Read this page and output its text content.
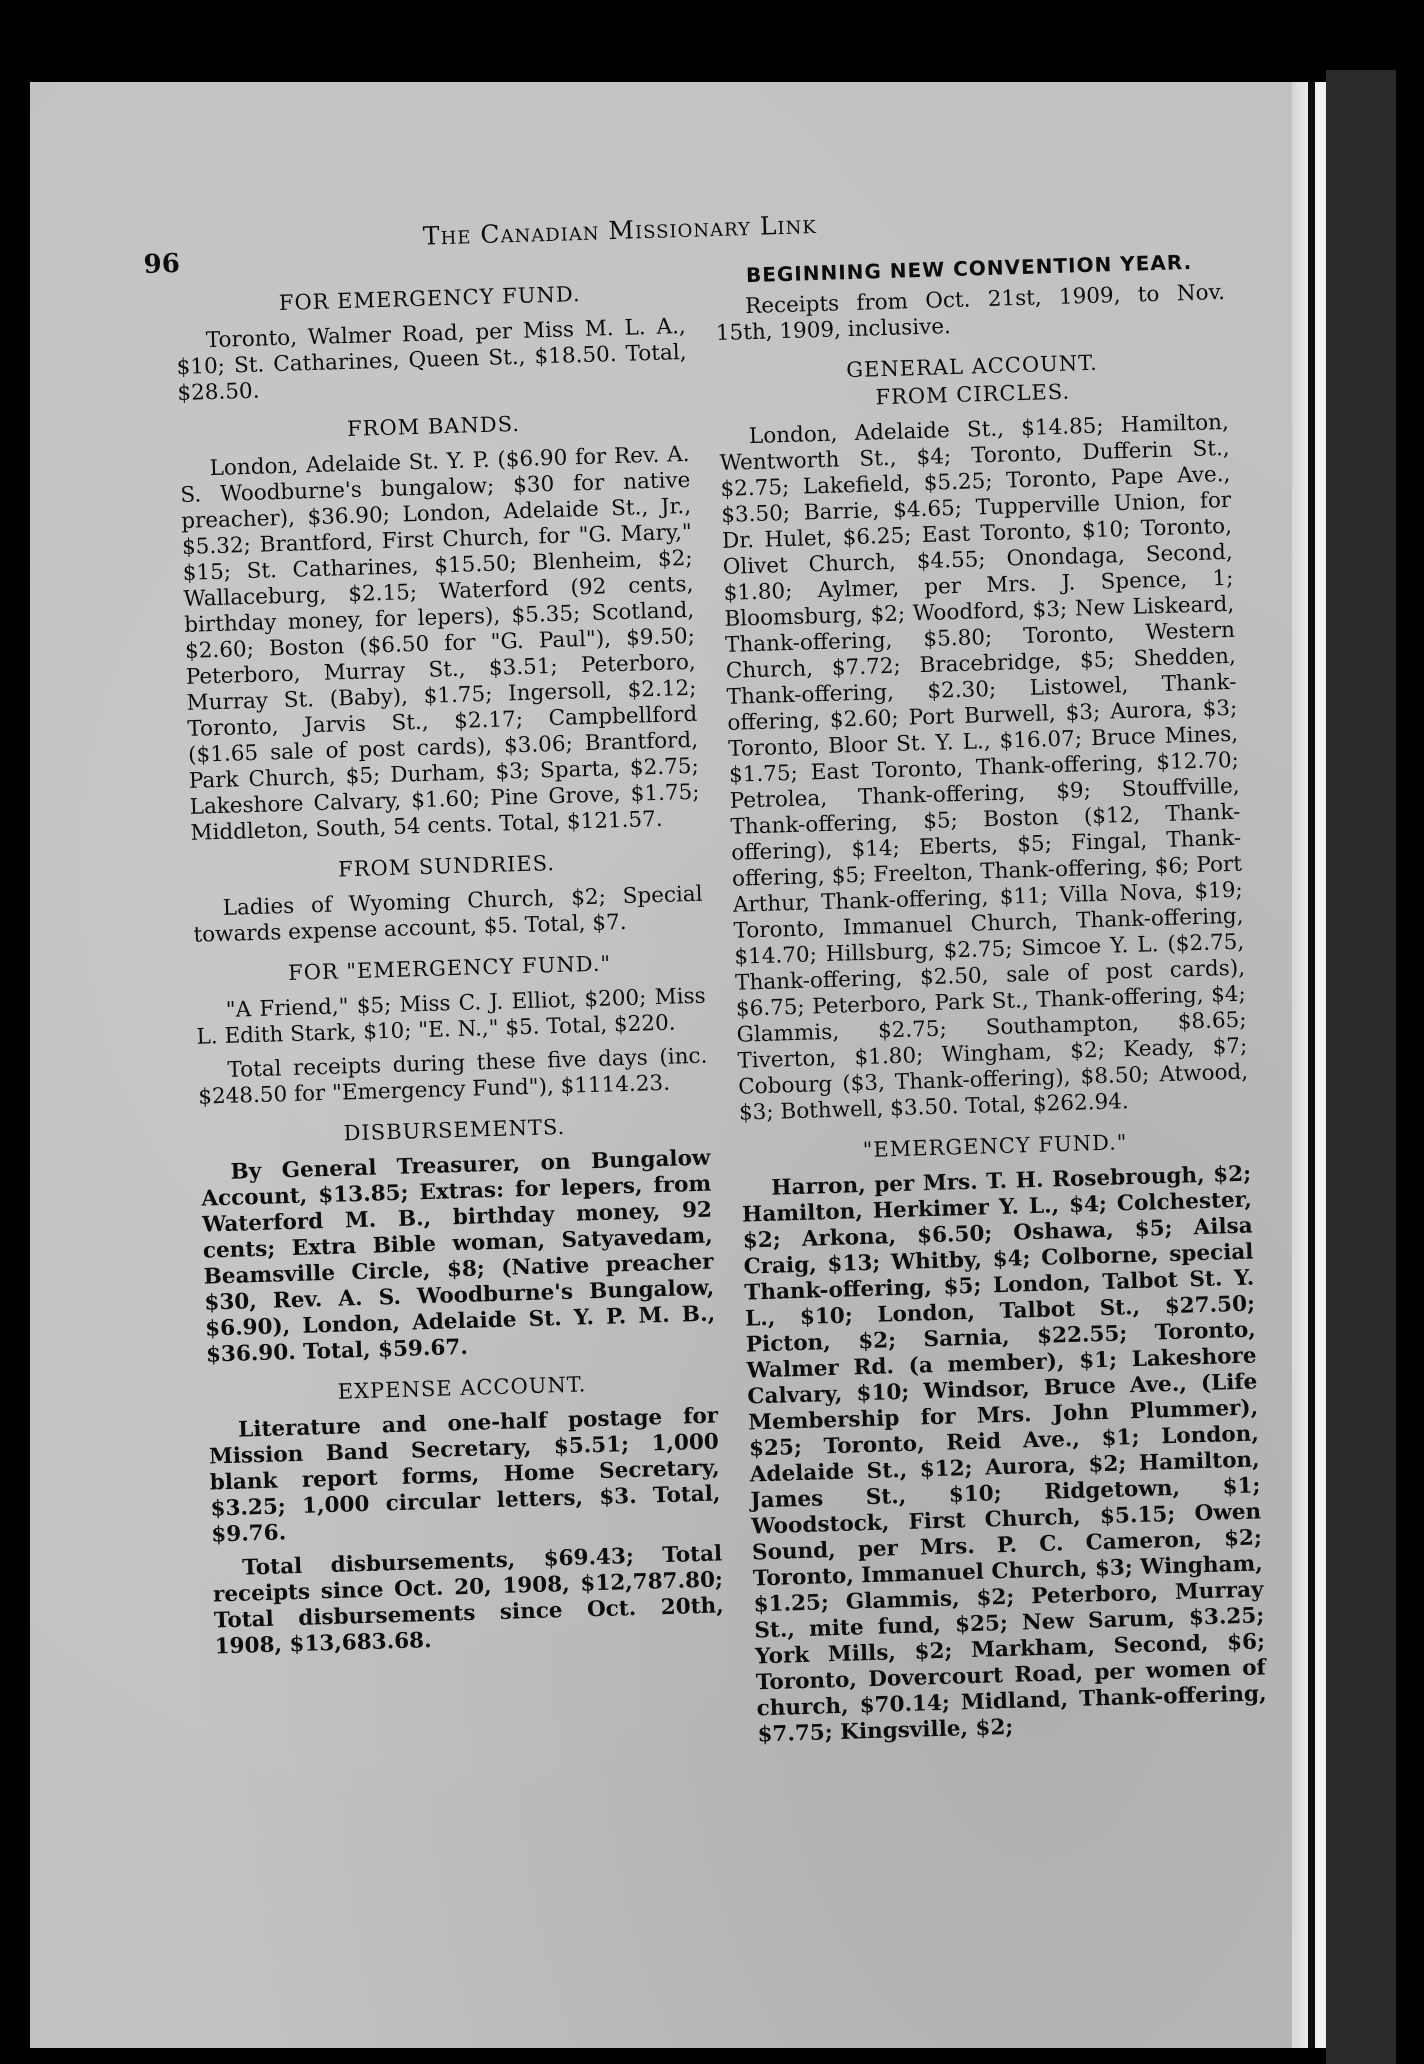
96
The Canadian Missionary Link
FOR EMERGENCY FUND.

Toronto, Walmer Road, per Miss M. L. A., $10; St. Catharines, Queen St., $18.50. Total, $28.50.

FROM BANDS.

London, Adelaide St. Y. P. ($6.90 for Rev. A. S. Woodburne's bungalow; $30 for native preacher), $36.90; London, Adelaide St., Jr., $5.32; Brantford, First Church, for "G. Mary," $15; St. Catharines, $15.50; Blenheim, $2; Wallaceburg, $2.15; Waterford (92 cents, birthday money, for lepers), $5.35; Scotland, $2.60; Boston ($6.50 for "G. Paul"), $9.50; Peterboro, Murray St., $3.51; Peterboro, Murray St. (Baby), $1.75; Ingersoll, $2.12; Toronto, Jarvis St., $2.17; Campbellford ($1.65 sale of post cards), $3.06; Brantford, Park Church, $5; Durham, $3; Sparta, $2.75; Lakeshore Calvary, $1.60; Pine Grove, $1.75; Middleton, South, 54 cents. Total, $121.57.

FROM SUNDRIES.

Ladies of Wyoming Church, $2; Special towards expense account, $5. Total, $7.

FOR "EMERGENCY FUND."

"A Friend," $5; Miss C. J. Elliot, $200; Miss L. Edith Stark, $10; "E. N.," $5. Total, $220.

Total receipts during these five days (inc. $248.50 for "Emergency Fund"), $1114.23.

DISBURSEMENTS.

By General Treasurer, on Bungalow Account, $13.85; Extras: for lepers, from Waterford M. B., birthday money, 92 cents; Extra Bible woman, Satyavedam, Beamsville Circle, $8; (Native preacher $30, Rev. A. S. Woodburne's Bungalow, $6.90), London, Adelaide St. Y. P. M. B., $36.90. Total, $59.67.

EXPENSE ACCOUNT.

Literature and one-half postage for Mission Band Secretary, $5.51; 1,000 blank report forms, Home Secretary, $3.25; 1,000 circular letters, $3. Total, $9.76.

Total disbursements, $69.43; Total receipts since Oct. 20, 1908, $12,787.80; Total disbursements since Oct. 20th, 1908, $13,683.68.

BEGINNING NEW CONVENTION YEAR.

Receipts from Oct. 21st, 1909, to Nov. 15th, 1909, inclusive.

GENERAL ACCOUNT.
FROM CIRCLES.

London, Adelaide St., $14.85; Hamilton, Wentworth St., $4; Toronto, Dufferin St., $2.75; Lakefield, $5.25; Toronto, Pape Ave., $3.50; Barrie, $4.65; Tupperville Union, for Dr. Hulet, $6.25; East Toronto, $10; Toronto, Olivet Church, $4.55; Onondaga, Second, $1.80; Aylmer, per Mrs. J. Spence, 1; Bloomsburg, $2; Woodford, $3; New Liskeard, Thank-offering, $5.80; Toronto, Western Church, $7.72; Bracebridge, $5; Shedden, Thank-offering, $2.30; Listowel, Thank-offering, $2.60; Port Burwell, $3; Aurora, $3; Toronto, Bloor St. Y. L., $16.07; Bruce Mines, $1.75; East Toronto, Thank-offering, $12.70; Petrolea, Thank-offering, $9; Stouffville, Thank-offering, $5; Boston ($12, Thank-offering), $14; Eberts, $5; Fingal, Thank-offering, $5; Freelton, Thank-offering, $6; Port Arthur, Thank-offering, $11; Villa Nova, $19; Toronto, Immanuel Church, Thank-offering, $14.70; Hillsburg, $2.75; Simcoe Y. L. ($2.75, Thank-offering, $2.50, sale of post cards), $6.75; Peterboro, Park St., Thank-offering, $4; Glammis, $2.75; Southampton, $8.65; Tiverton, $1.80; Wingham, $2; Keady, $7; Cobourg ($3, Thank-offering), $8.50; Atwood, $3; Bothwell, $3.50. Total, $262.94.

"EMERGENCY FUND."

Harron, per Mrs. T. H. Rosebrough, $2; Hamilton, Herkimer Y. L., $4; Colchester, $2; Arkona, $6.50; Oshawa, $5; Ailsa Craig, $13; Whitby, $4; Colborne, special Thank-offering, $5; London, Talbot St. Y. L., $10; London, Talbot St., $27.50; Picton, $2; Sarnia, $22.55; Toronto, Walmer Rd. (a member), $1; Lakeshore Calvary, $10; Windsor, Bruce Ave., (Life Membership for Mrs. John Plummer), $25; Toronto, Reid Ave., $1; London, Adelaide St., $12; Aurora, $2; Hamilton, James St., $10; Ridgetown, $1; Woodstock, First Church, $5.15; Owen Sound, per Mrs. P. C. Cameron, $2; Toronto, Immanuel Church, $3; Wingham, $1.25; Glammis, $2; Peterboro, Murray St., mite fund, $25; New Sarum, $3.25; York Mills, $2; Markham, Second, $6; Toronto, Dovercourt Road, per women of church, $70.14; Midland, Thank-offering, $7.75; Kingsville, $2;
